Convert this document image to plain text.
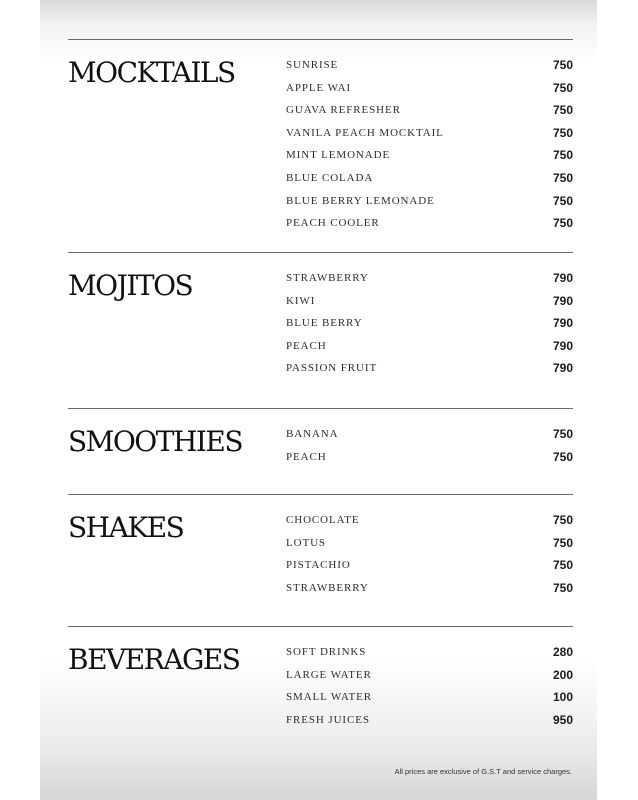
MOCKTAILS	SUNRISE	750
APPLE WAI	750
GUAVA REFRESHER	750
VANILA PEACH MOCKTAIL	750
MINT LEMONADE	750
BLUE COLADA	750
BLUE BERRY LEMONADE	750
PEACH COOLER	750
MOJITOS	STRAWBERRY	790
KIWI	790
BLUE BERRY	790
PEACH	790
PASSION FRUIT	790
SMOOTHIES	BANANA	750
PEACH	750
SHAKES	CHOCOLATE	750
LOTUS	750
PISTACHIO	750
STRAWBERRY	750
BEVERAGES	SOFT DRINKS	280
LARGE WATER	200
SMALL WATER	100
FRESH JUICES	950
All prices are exclusive of G.S.T and service charges.
